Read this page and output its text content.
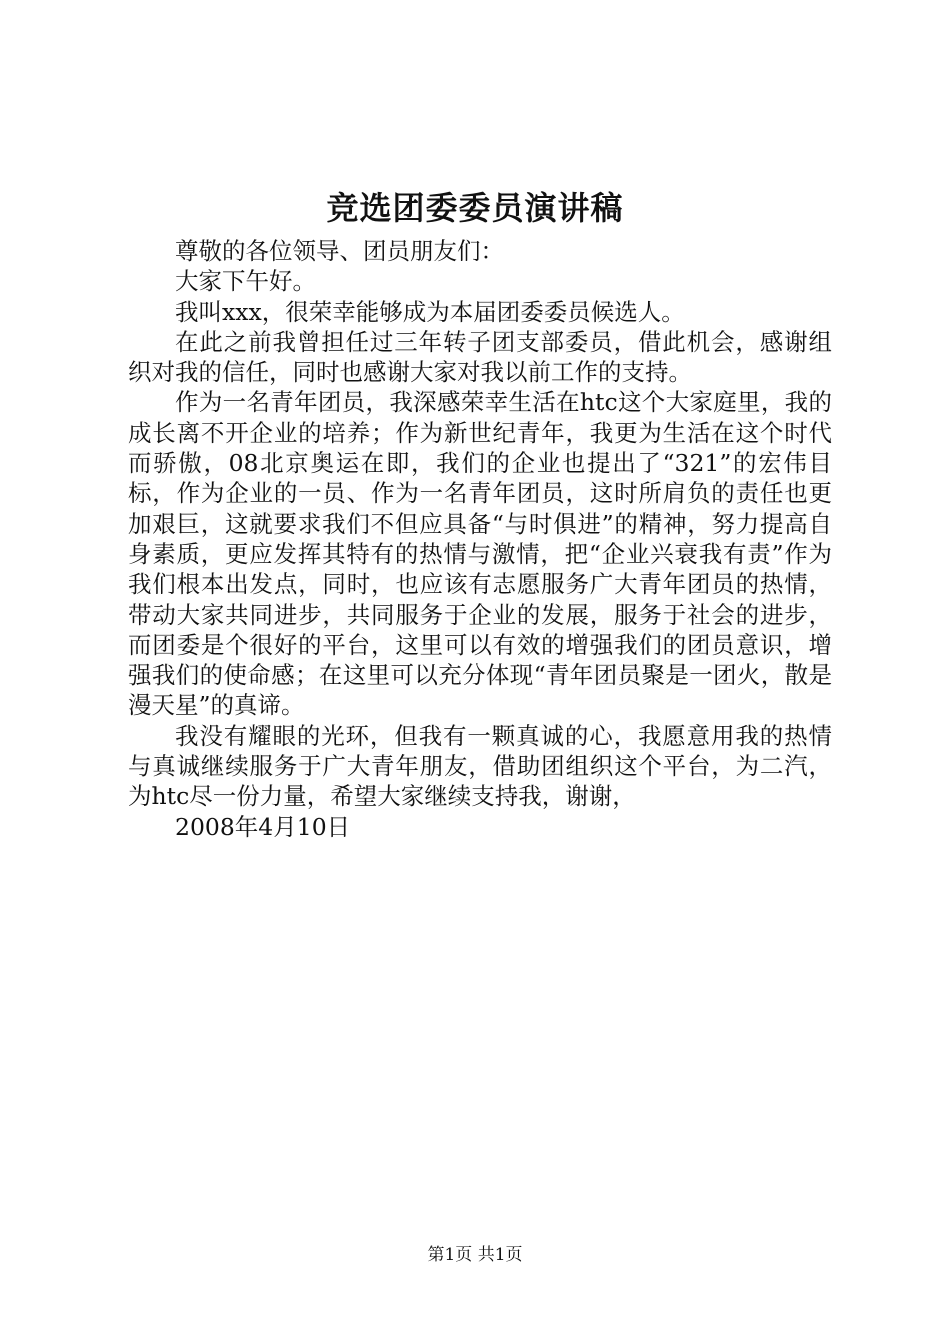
竞选团委委员演讲稿

尊敬的各位领导、团员朋友们：

大家下午好。

我叫xxx，很荣幸能够成为本届团委委员候选人。

在此之前我曾担任过三年转子团支部委员，借此机会，感谢组织对我的信任，同时也感谢大家对我以前工作的支持。

作为一名青年团员，我深感荣幸生活在htc这个大家庭里，我的成长离不开企业的培养；作为新世纪青年，我更为生活在这个时代而骄傲，08北京奥运在即，我们的企业也提出了“321”的宏伟目标，作为企业的一员、作为一名青年团员，这时所肩负的责任也更加艰巨，这就要求我们不但应具备“与时俱进”的精神，努力提高自身素质，更应发挥其特有的热情与激情，把“企业兴衰我有责”作为我们根本出发点，同时，也应该有志愿服务广大青年团员的热情，带动大家共同进步，共同服务于企业的发展，服务于社会的进步，而团委是个很好的平台，这里可以有效的增强我们的团员意识，增强我们的使命感；在这里可以充分体现“青年团员聚是一团火，散是漫天星”的真谛。

我没有耀眼的光环，但我有一颗真诚的心，我愿意用我的热情与真诚继续服务于广大青年朋友，借助团组织这个平台，为二汽，为htc尽一份力量，希望大家继续支持我，谢谢，

2008年4月10日

第1页 共1页
